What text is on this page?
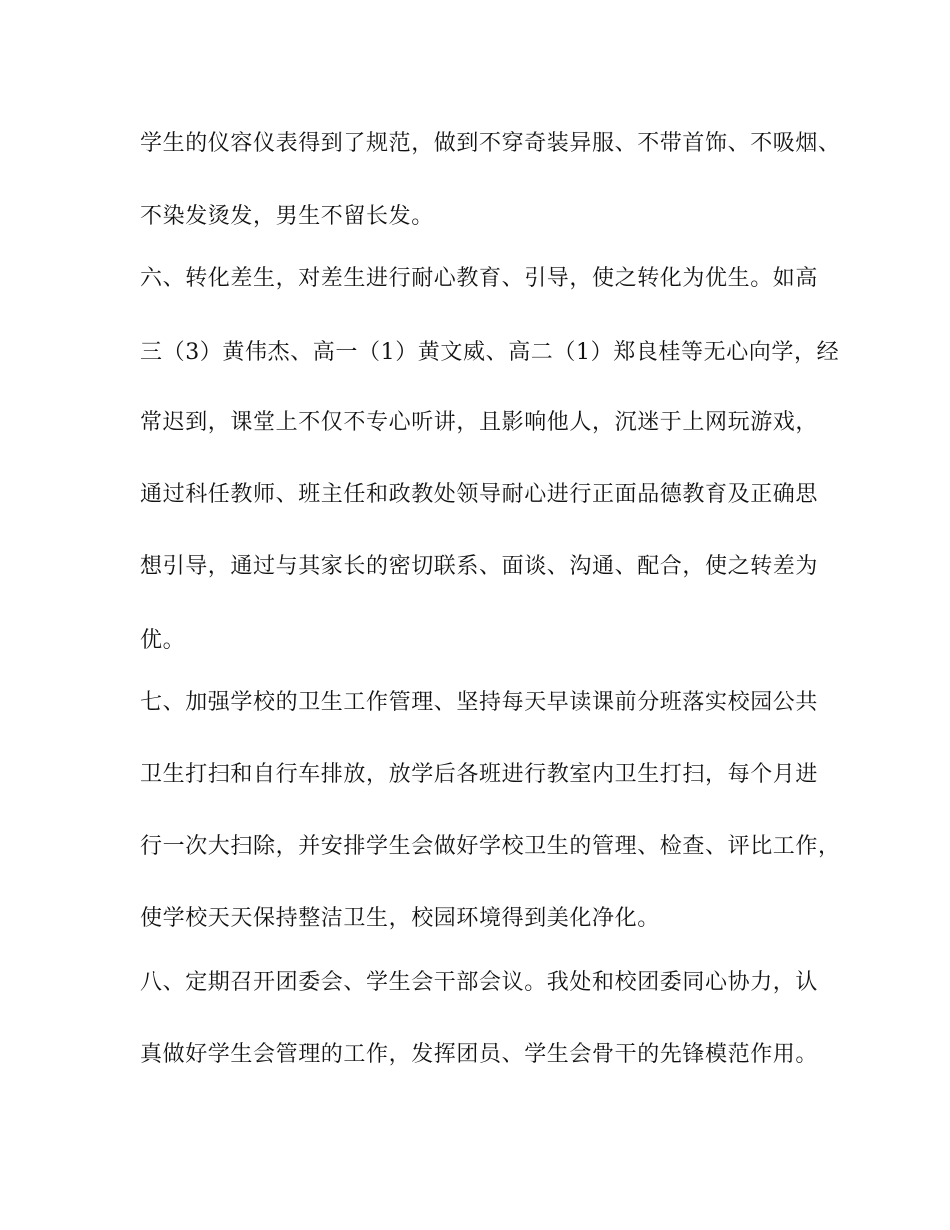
学生的仪容仪表得到了规范，做到不穿奇装异服、不带首饰、不吸烟、
不染发烫发，男生不留长发。
六、转化差生，对差生进行耐心教育、引导，使之转化为优生。如高
三（3）黄伟杰、高一（1）黄文威、高二（1）郑良桂等无心向学，经
常迟到，课堂上不仅不专心听讲，且影响他人，沉迷于上网玩游戏，
通过科任教师、班主任和政教处领导耐心进行正面品德教育及正确思
想引导，通过与其家长的密切联系、面谈、沟通、配合，使之转差为
优。
七、加强学校的卫生工作管理、坚持每天早读课前分班落实校园公共
卫生打扫和自行车排放，放学后各班进行教室内卫生打扫，每个月进
行一次大扫除，并安排学生会做好学校卫生的管理、检查、评比工作，
使学校天天保持整洁卫生，校园环境得到美化净化。
八、定期召开团委会、学生会干部会议。我处和校团委同心协力，认
真做好学生会管理的工作，发挥团员、学生会骨干的先锋模范作用。
